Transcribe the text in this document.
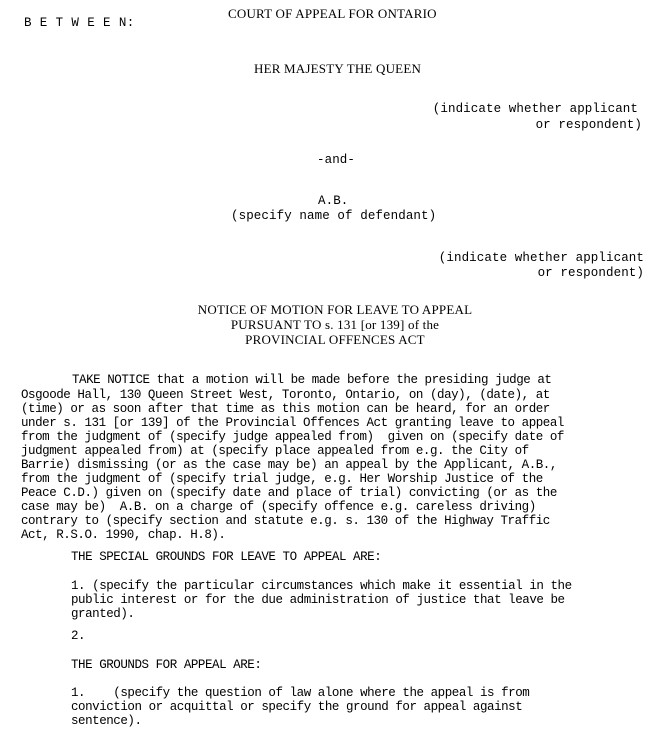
B E T W E E N:
COURT OF APPEAL FOR ONTARIO
HER MAJESTY THE QUEEN
(indicate whether applicant
or respondent)
-and-
A.B.
(specify name of defendant)
(indicate whether applicant
or respondent)
NOTICE OF MOTION FOR LEAVE TO APPEAL
PURSUANT TO s. 131 [or 139] of the
PROVINCIAL OFFENCES ACT
TAKE NOTICE that a motion will be made before the presiding judge at
Osgoode Hall, 130 Queen Street West, Toronto, Ontario, on (day), (date), at
(time) or as soon after that time as this motion can be heard, for an order
under s. 131 [or 139] of the Provincial Offences Act granting leave to appeal
from the judgment of (specify judge appealed from)  given on (specify date of
judgment appealed from) at (specify place appealed from e.g. the City of
Barrie) dismissing (or as the case may be) an appeal by the Applicant, A.B.,
from the judgment of (specify trial judge, e.g. Her Worship Justice of the
Peace C.D.) given on (specify date and place of trial) convicting (or as the
case may be)  A.B. on a charge of (specify offence e.g. careless driving)
contrary to (specify section and statute e.g. s. 130 of the Highway Traffic
Act, R.S.O. 1990, chap. H.8).
THE SPECIAL GROUNDS FOR LEAVE TO APPEAL ARE:
1. (specify the particular circumstances which make it essential in the
public interest or for the due administration of justice that leave be
granted).
2.
THE GROUNDS FOR APPEAL ARE:
1.    (specify the question of law alone where the appeal is from
conviction or acquittal or specify the ground for appeal against
sentence).
